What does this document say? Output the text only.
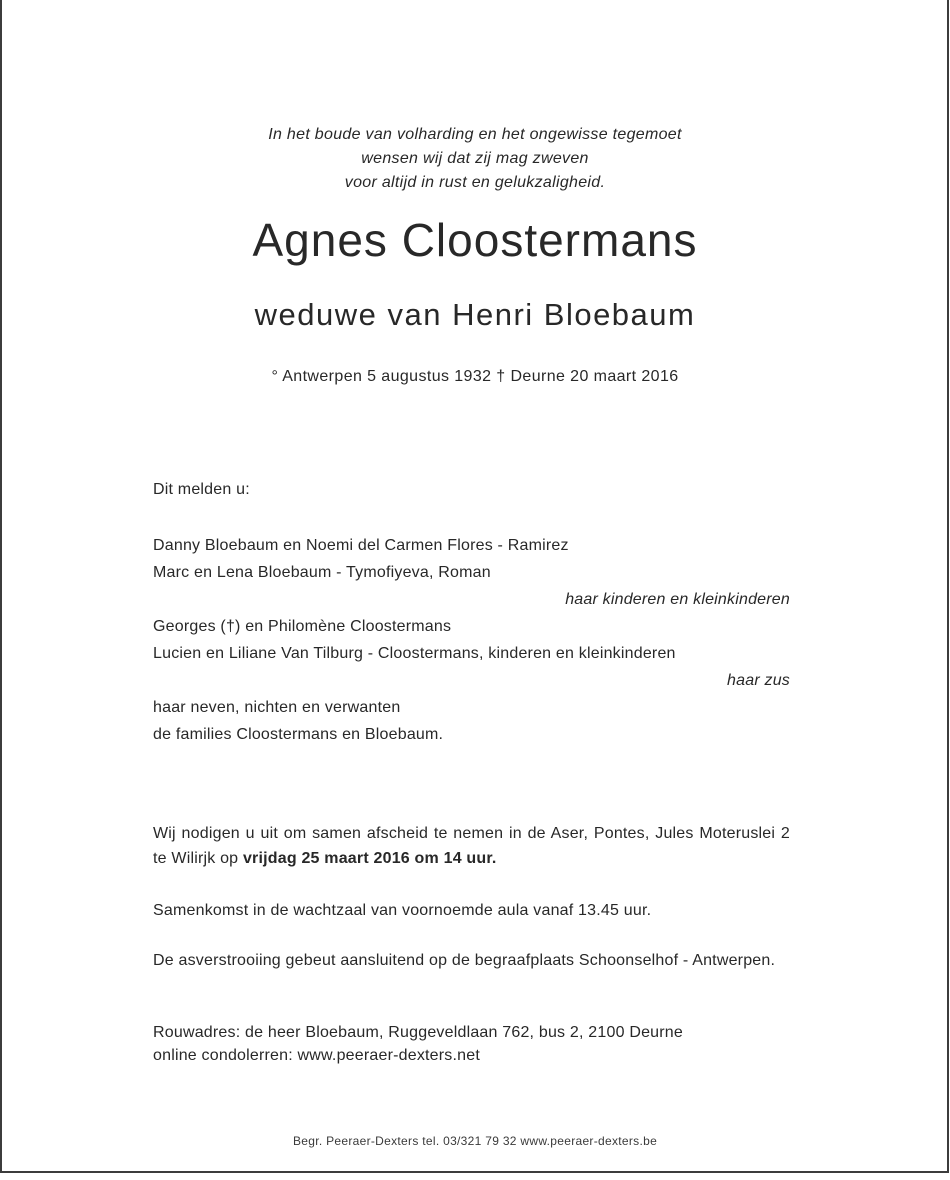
In het boude van volharding en het ongewisse tegemoet
wensen wij dat zij mag zweven
voor altijd in rust en gelukzaligheid.
Agnes Cloostermans
weduwe van Henri Bloebaum
° Antwerpen 5 augustus 1932 † Deurne 20 maart 2016
Dit melden u:
Danny Bloebaum en Noemi del Carmen Flores - Ramirez
Marc en Lena Bloebaum - Tymofiyeva, Roman
haar kinderen en kleinkinderen
Georges (†) en Philomène Cloostermans
Lucien en Liliane Van Tilburg - Cloostermans, kinderen en kleinkinderen
haar zus
haar neven, nichten en verwanten
de families Cloostermans en Bloebaum.
Wij nodigen u uit om samen afscheid te nemen in de Aser, Pontes, Jules Moteruslei 2 te Wilirjk op vrijdag 25 maart 2016 om 14 uur.
Samenkomst in de wachtzaal van voornoemde aula vanaf 13.45 uur.
De asverstrooiing gebeut aansluitend op de begraafplaats Schoonselhof - Antwerpen.
Rouwadres: de heer Bloebaum, Ruggeveldlaan 762, bus 2, 2100 Deurne
online condolerren: www.peeraer-dexters.net
Begr. Peeraer-Dexters tel. 03/321 79 32 www.peeraer-dexters.be
